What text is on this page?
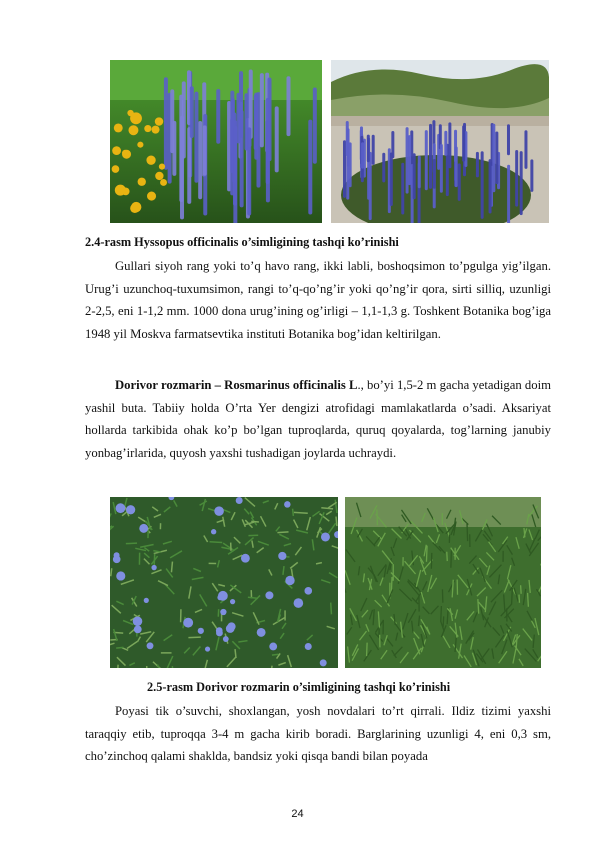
2.4-rasm Hyssopus officinalis o’simligining tashqi ko’rinishi

Gullari siyoh rang yoki to’q havo rang, ikki labli, boshoqsimon to’pgulga yig’ilgan. Urug’i uzunchoq-tuxumsimon, rangi to’q-qo’ng’ir yoki qo’ng’ir qora, sirti silliq, uzunligi 2-2,5, eni 1-1,2 mm. 1000 dona urug’ining og’irligi – 1,1-1,3 g. Toshkent Botanika bog’iga 1948 yil Moskva farmatsevtika instituti Botanika bog’idan keltirilgan.

Dorivor rozmarin – Rosmarinus officinalis L., bo’yi 1,5-2 m gacha yetadigan doim yashil buta. Tabiiy holda O’rta Yer dengizi atrofidagi mamlakatlarda o’sadi. Aksariyat hollarda tarkibida ohak ko’p bo’lgan tuproqlarda, quruq qoyalarda, tog’larning janubiy yonbag’irlarida, quyosh yaxshi tushadigan joylarda uchraydi.

2.5-rasm Dorivor rozmarin o’simligining tashqi ko’rinishi

Poyasi tik o’suvchi, shoxlangan, yosh novdalari to’rt qirrali. Ildiz tizimi yaxshi taraqqiy etib, tuproqqa 3-4 m gacha kirib boradi. Barglarining uzunligi 4, eni 0,3 sm, cho’zinchoq qalami shaklda, bandsiz yoki qisqa bandi bilan poyada

24
